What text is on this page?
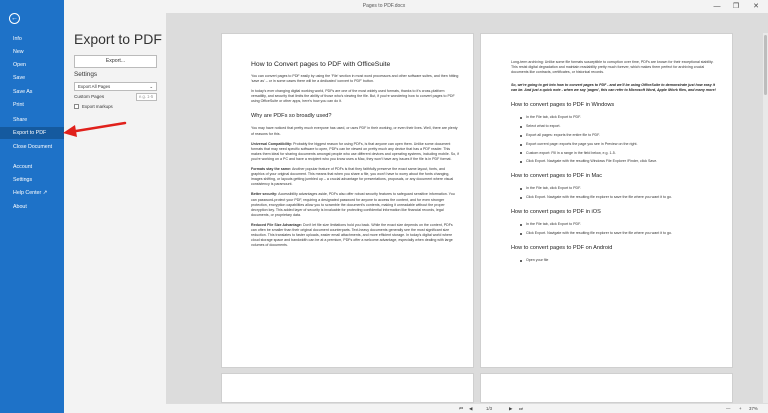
Pages to PDF.docx	— ❐ ✕
←
Info
New
Open
Save
Save As
Print
Share
Export to PDF
Close Document
Account
Settings
Help Center ↗
About
Export to PDF
Export...
Settings
Export All Pages	⌄
Custom Pages	e.g. 1-5
Export markups
How to Convert pages to PDF with OfficeSuite

You can convert pages to PDF easily by using the 'File' section in most word processors and other software suites, and then hitting 'save as' – or in some cases there will be a dedicated 'convert to PDF' button.

In today's ever changing digital working world, PDFs are one of the most widely used formats, thanks to it's cross-platform versatility, and security that limits the ability of those who's viewing the file. But, if you're wondering how to convert pages to PDF using OfficeSuite or other apps, here's how you can do it.

Why are PDFs so broadly used?

You may have noticed that pretty much everyone has used, or uses PDF in their working, or even their lives. Well, there are plenty of reasons for this.

Universal Compatibility: Probably the biggest reason for using PDFs, is that anyone can open them. Unlike some document formats that may need specific software to open, PDFs can be viewed on pretty much any device that has a PDF reader. This makes them ideal for sharing documents amongst people who use different devices and operating systems, including mobile. So, if you're working on a PC and have a recipient who you know uses a Mac, they won't have any issues if the file is in PDF format.

Formats stay the same: Another popular feature of PDFs is that they faithfully preserve the exact same layout, fonts, and graphics of your original document. This means that when you share a file, you won't have to worry about the fonts changing, images shifting, or layouts getting jumbled up – a crucial advantage for presentations, proposals, or any document where visual consistency is paramount.

Better security: Accessibility advantages aside, PDFs also offer robust security features to safeguard sensitive information. You can password-protect your PDF, requiring a designated password for anyone to access the content, and for even stronger protection, encryption capabilities allow you to scramble the document's contents, making it unreadable without the proper decryption key. This added layer of security is invaluable for protecting confidential information like financial records, legal documents, or proprietary data.

Reduced File Size Advantage: Don't let file size limitations hold you back. While the exact size depends on the content, PDFs can often be smaller than their original document counterparts. Text-heavy documents generally see the most significant size reduction. This translates to faster uploads, easier email attachments, and more efficient storage. In today's digital world where cloud storage space and bandwidth can be at a premium, PDFs offer a welcome advantage, especially when dealing with large volumes of documents.

Long-term archiving: Unlike some file formats susceptible to corruption over time, PDFs are known for their exceptional stability. This resist digital degradation and maintain readability pretty much forever, which makes them perfect for archiving crucial documents like contracts, certificates, or historical records.

So, we're going to get into how to convert pages to PDF - and we'll be using OfficeSuite to demonstrate just how easy it can be. And just a quick note - when we say 'pages', this can refer to Microsoft Word, Apple iWork files, and many more!

How to convert pages to PDF in Windows
In the File tab, click Export to PDF.
Select what to export.
Export all pages: exports the entire file to PDF.
Export current page: exports the page you see in Preview on the right.
Custom export: Fill in a range in the field below, e.g. 1-5.
Click Export. Navigate with the resulting Windows File Explorer /Finder, click Save.
How to convert pages to PDF in Mac
In the File tab, click Export to PDF.
Click Export. Navigate with the resulting file explorer to save the file where you want it to go.
How to convert pages to PDF in iOS
In the File tab, click Export to PDF.
Click Export. Navigate with the resulting file explorer to save the file where you want it to go.
How to convert pages to PDF on Android
Open your file
⏮ ◀	1/3	▶ ⏭	— + 37%
